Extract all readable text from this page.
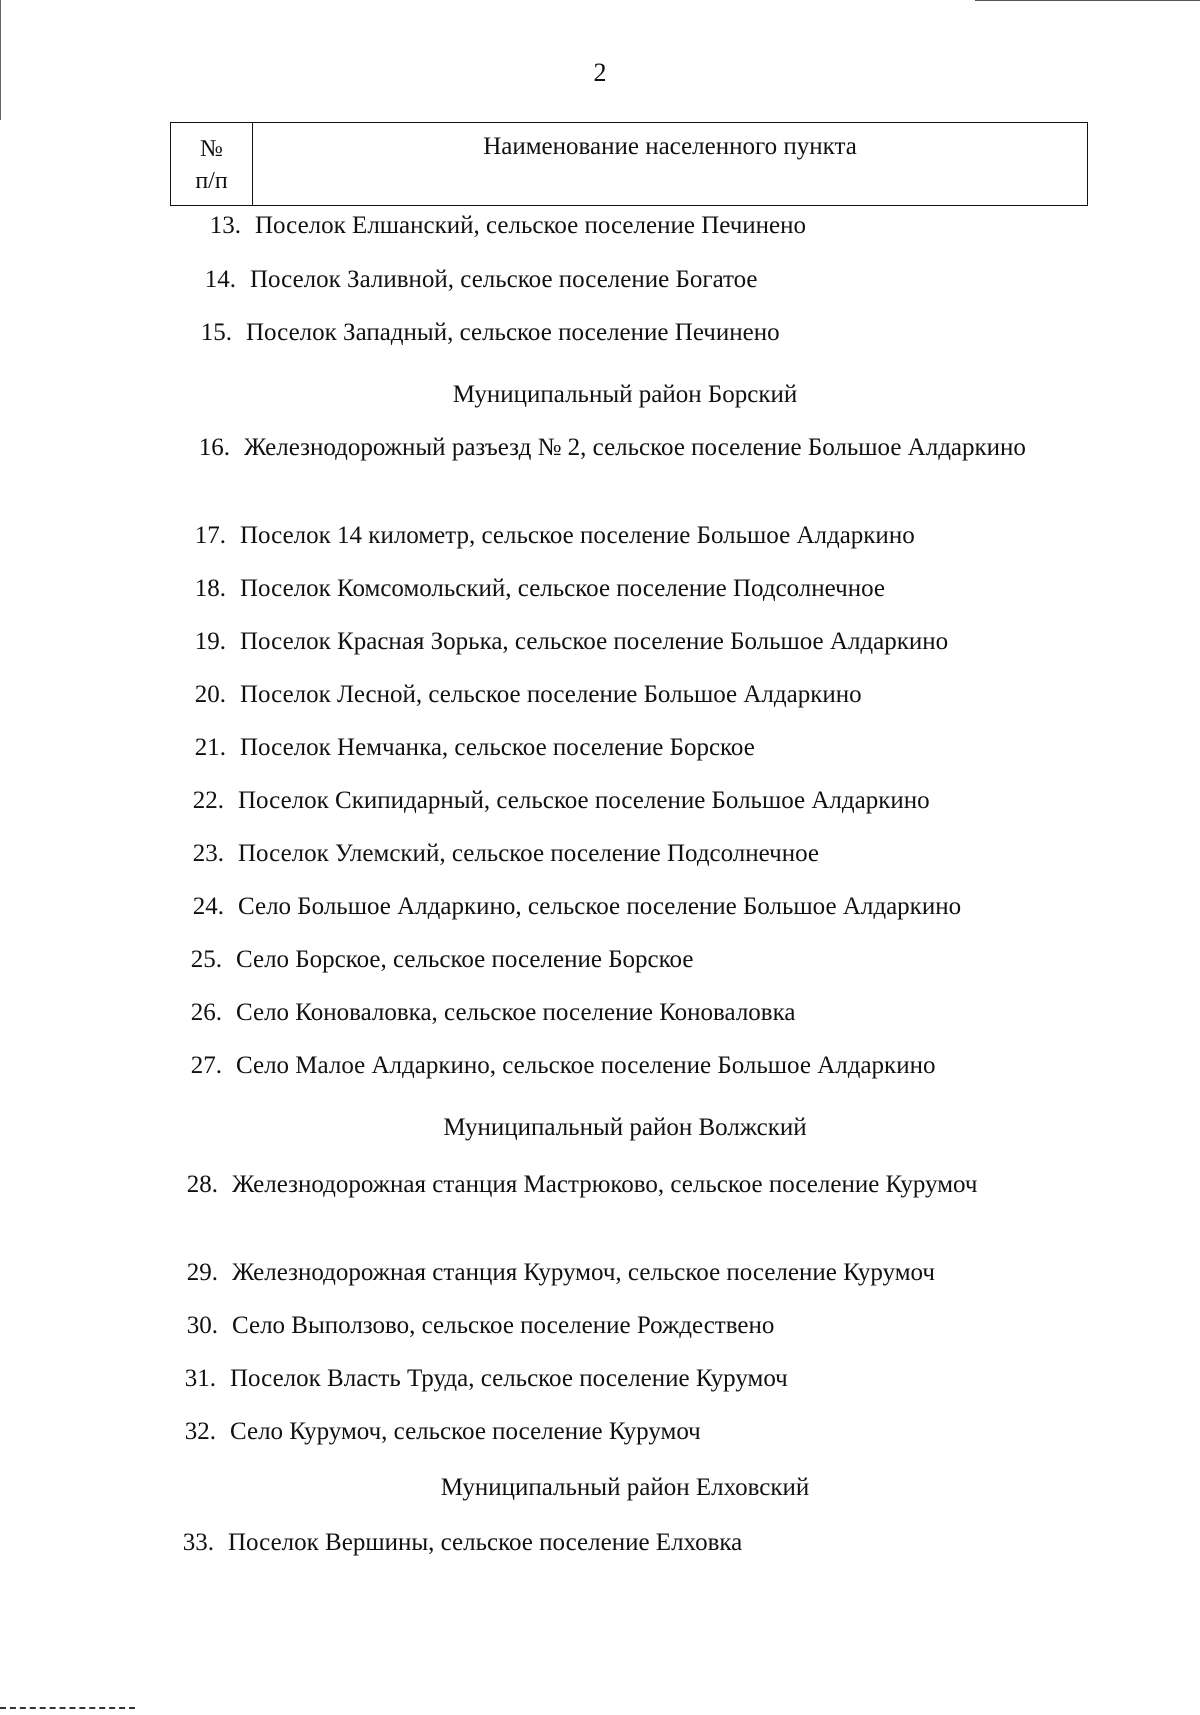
2
№
п/п
Наименование населенного пункта
13. Поселок Елшанский, сельское поселение Печинено
14. Поселок Заливной, сельское поселение Богатое
15. Поселок Западный, сельское поселение Печинено
Муниципальный район Борский
16. Железнодорожный разъезд № 2, сельское поселение Большое Алдаркино
17. Поселок 14 километр, сельское поселение Большое Алдаркино
18. Поселок Комсомольский, сельское поселение Подсолнечное
19. Поселок Красная Зорька, сельское поселение Большое Алдаркино
20. Поселок Лесной, сельское поселение Большое Алдаркино
21. Поселок Немчанка, сельское поселение Борское
22. Поселок Скипидарный, сельское поселение Большое Алдаркино
23. Поселок Улемский, сельское поселение Подсолнечное
24. Село Большое Алдаркино, сельское поселение Большое Алдаркино
25. Село Борское, сельское поселение Борское
26. Село Коноваловка, сельское поселение Коноваловка
27. Село Малое Алдаркино, сельское поселение Большое Алдаркино
Муниципальный район Волжский
28. Железнодорожная станция Мастрюково, сельское поселение Курумоч
29. Железнодорожная станция Курумоч, сельское поселение Курумоч
30. Село Выползово, сельское поселение Рождествено
31. Поселок Власть Труда, сельское поселение Курумоч
32. Село Курумоч, сельское поселение Курумоч
Муниципальный район Елховский
33. Поселок Вершины, сельское поселение Елховка
